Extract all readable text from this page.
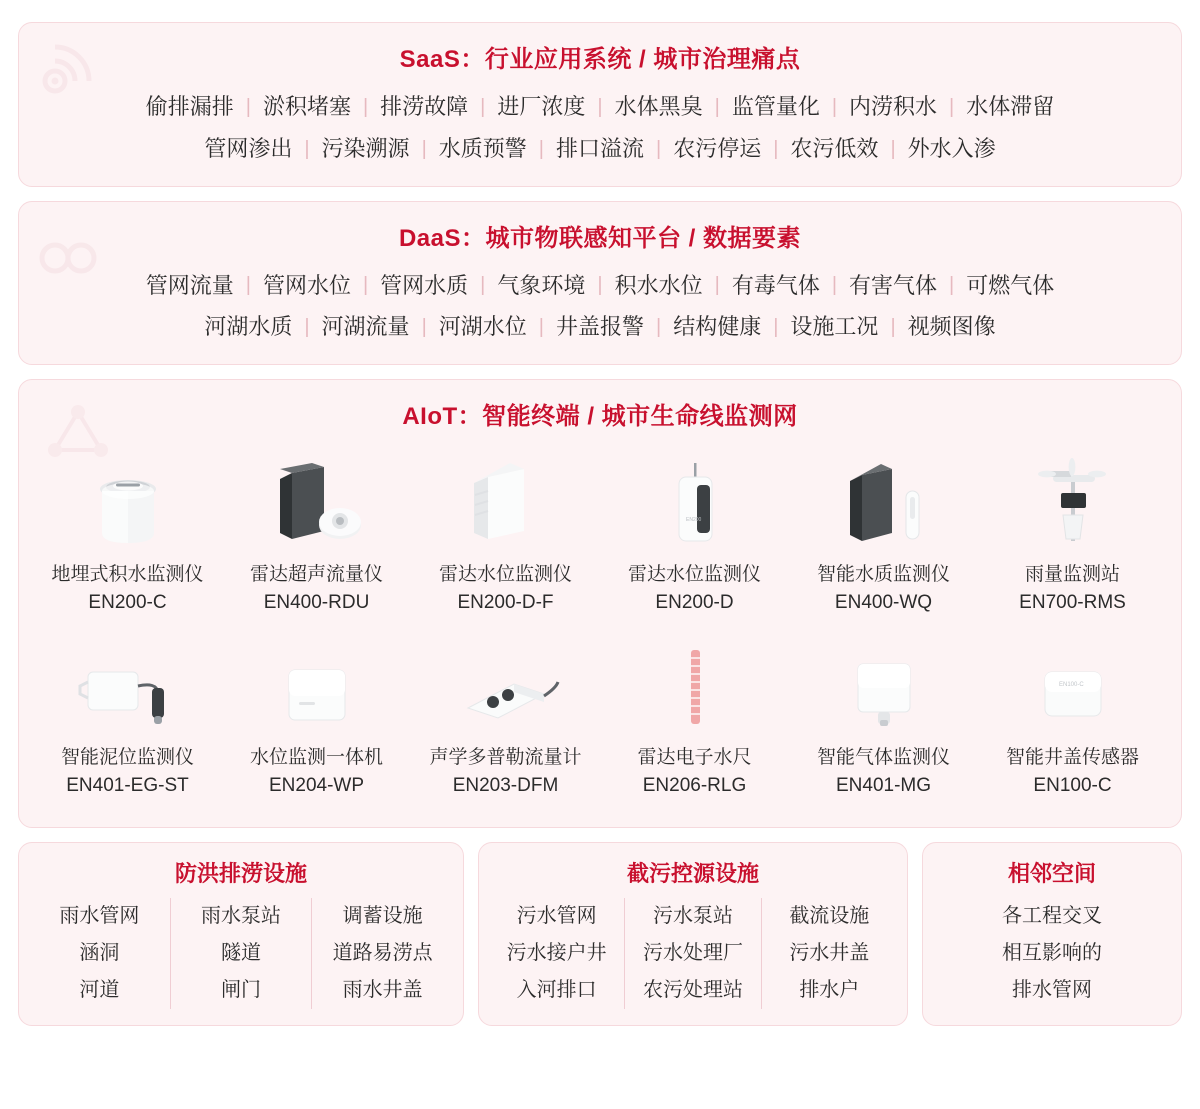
SaaS：行业应用系统 / 城市治理痛点
偷排漏排 | 淤积堵塞 | 排涝故障 | 进厂浓度 | 水体黑臭 | 监管量化 | 内涝积水 | 水体滞留
管网渗出 | 污染溯源 | 水质预警 | 排口溢流 | 农污停运 | 农污低效 | 外水入渗
DaaS：城市物联感知平台 / 数据要素
管网流量 | 管网水位 | 管网水质 | 气象环境 | 积水水位 | 有毒气体 | 有害气体 | 可燃气体
河湖水质 | 河湖流量 | 河湖水位 | 井盖报警 | 结构健康 | 设施工况 | 视频图像
AIoT：智能终端 / 城市生命线监测网
地埋式积水监测仪
EN200-C
雷达超声流量仪
EN400-RDU
雷达水位监测仪
EN200-D-F
EN200
雷达水位监测仪
EN200-D
智能水质监测仪
EN400-WQ
雨量监测站
EN700-RMS
智能泥位监测仪
EN401-EG-ST
水位监测一体机
EN204-WP
声学多普勒流量计
EN203-DFM
雷达电子水尺
EN206-RLG
智能气体监测仪
EN401-MG
EN100-C
智能井盖传感器
EN100-C
防洪排涝设施
雨水管网
涵洞
河道
雨水泵站
隧道
闸门
调蓄设施
道路易涝点
雨水井盖
截污控源设施
污水管网
污水接户井
入河排口
污水泵站
污水处理厂
农污处理站
截流设施
污水井盖
排水户
相邻空间
各工程交叉
相互影响的
排水管网
